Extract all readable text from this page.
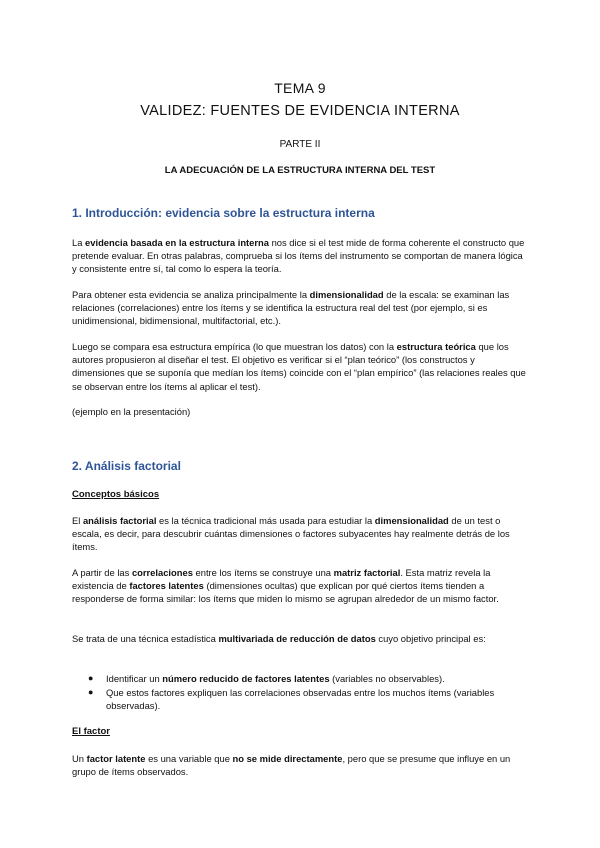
TEMA 9
VALIDEZ: FUENTES DE EVIDENCIA INTERNA
PARTE II
LA ADECUACIÓN DE LA ESTRUCTURA INTERNA DEL TEST
1. Introducción: evidencia sobre la estructura interna
La evidencia basada en la estructura interna nos dice si el test mide de forma coherente el constructo que pretende evaluar. En otras palabras, comprueba si los ítems del instrumento se comportan de manera lógica y consistente entre sí, tal como lo espera la teoría.
Para obtener esta evidencia se analiza principalmente la dimensionalidad de la escala: se examinan las relaciones (correlaciones) entre los ítems y se identifica la estructura real del test (por ejemplo, si es unidimensional, bidimensional, multifactorial, etc.).
Luego se compara esa estructura empírica (lo que muestran los datos) con la estructura teórica que los autores propusieron al diseñar el test. El objetivo es verificar si el “plan teórico” (los constructos y dimensiones que se suponía que medían los ítems) coincide con el “plan empírico” (las relaciones reales que se observan entre los ítems al aplicar el test).
(ejemplo en la presentación)
2. Análisis factorial
Conceptos básicos
El análisis factorial es la técnica tradicional más usada para estudiar la dimensionalidad de un test o escala, es decir, para descubrir cuántas dimensiones o factores subyacentes hay realmente detrás de los ítems.
A partir de las correlaciones entre los ítems se construye una matriz factorial. Esta matriz revela la existencia de factores latentes (dimensiones ocultas) que explican por qué ciertos ítems tienden a responderse de forma similar: los ítems que miden lo mismo se agrupan alrededor de un mismo factor.
Se trata de una técnica estadística multivariada de reducción de datos cuyo objetivo principal es:
● Identificar un número reducido de factores latentes (variables no observables).
● Que estos factores expliquen las correlaciones observadas entre los muchos ítems (variables observadas).
El factor
Un factor latente es una variable que no se mide directamente, pero que se presume que influye en un grupo de ítems observados.
